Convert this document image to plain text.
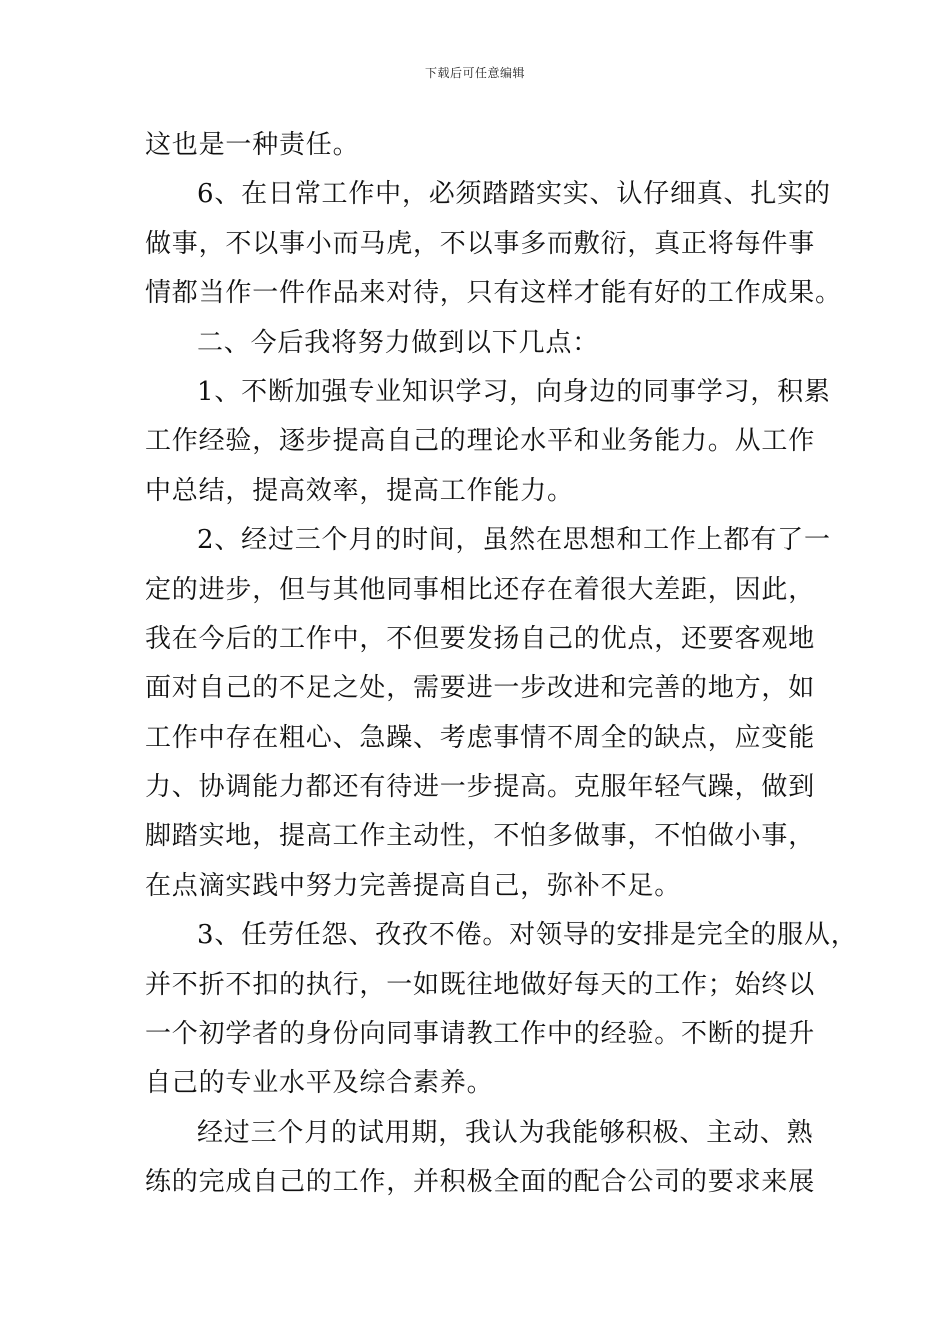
下载后可任意编辑
这也是一种责任。
6、在日常工作中，必须踏踏实实、认仔细真、扎实的
做事，不以事小而马虎，不以事多而敷衍，真正将每件事
情都当作一件作品来对待，只有这样才能有好的工作成果。
二、今后我将努力做到以下几点：
1、不断加强专业知识学习，向身边的同事学习，积累
工作经验，逐步提高自己的理论水平和业务能力。从工作
中总结，提高效率，提高工作能力。
2、经过三个月的时间，虽然在思想和工作上都有了一
定的进步，但与其他同事相比还存在着很大差距，因此，
我在今后的工作中，不但要发扬自己的优点，还要客观地
面对自己的不足之处，需要进一步改进和完善的地方，如
工作中存在粗心、急躁、考虑事情不周全的缺点，应变能
力、协调能力都还有待进一步提高。克服年轻气躁，做到
脚踏实地，提高工作主动性，不怕多做事，不怕做小事，
在点滴实践中努力完善提高自己，弥补不足。
3、任劳任怨、孜孜不倦。对领导的安排是完全的服从，
并不折不扣的执行，一如既往地做好每天的工作；始终以
一个初学者的身份向同事请教工作中的经验。不断的提升
自己的专业水平及综合素养。
经过三个月的试用期，我认为我能够积极、主动、熟
练的完成自己的工作，并积极全面的配合公司的要求来展
